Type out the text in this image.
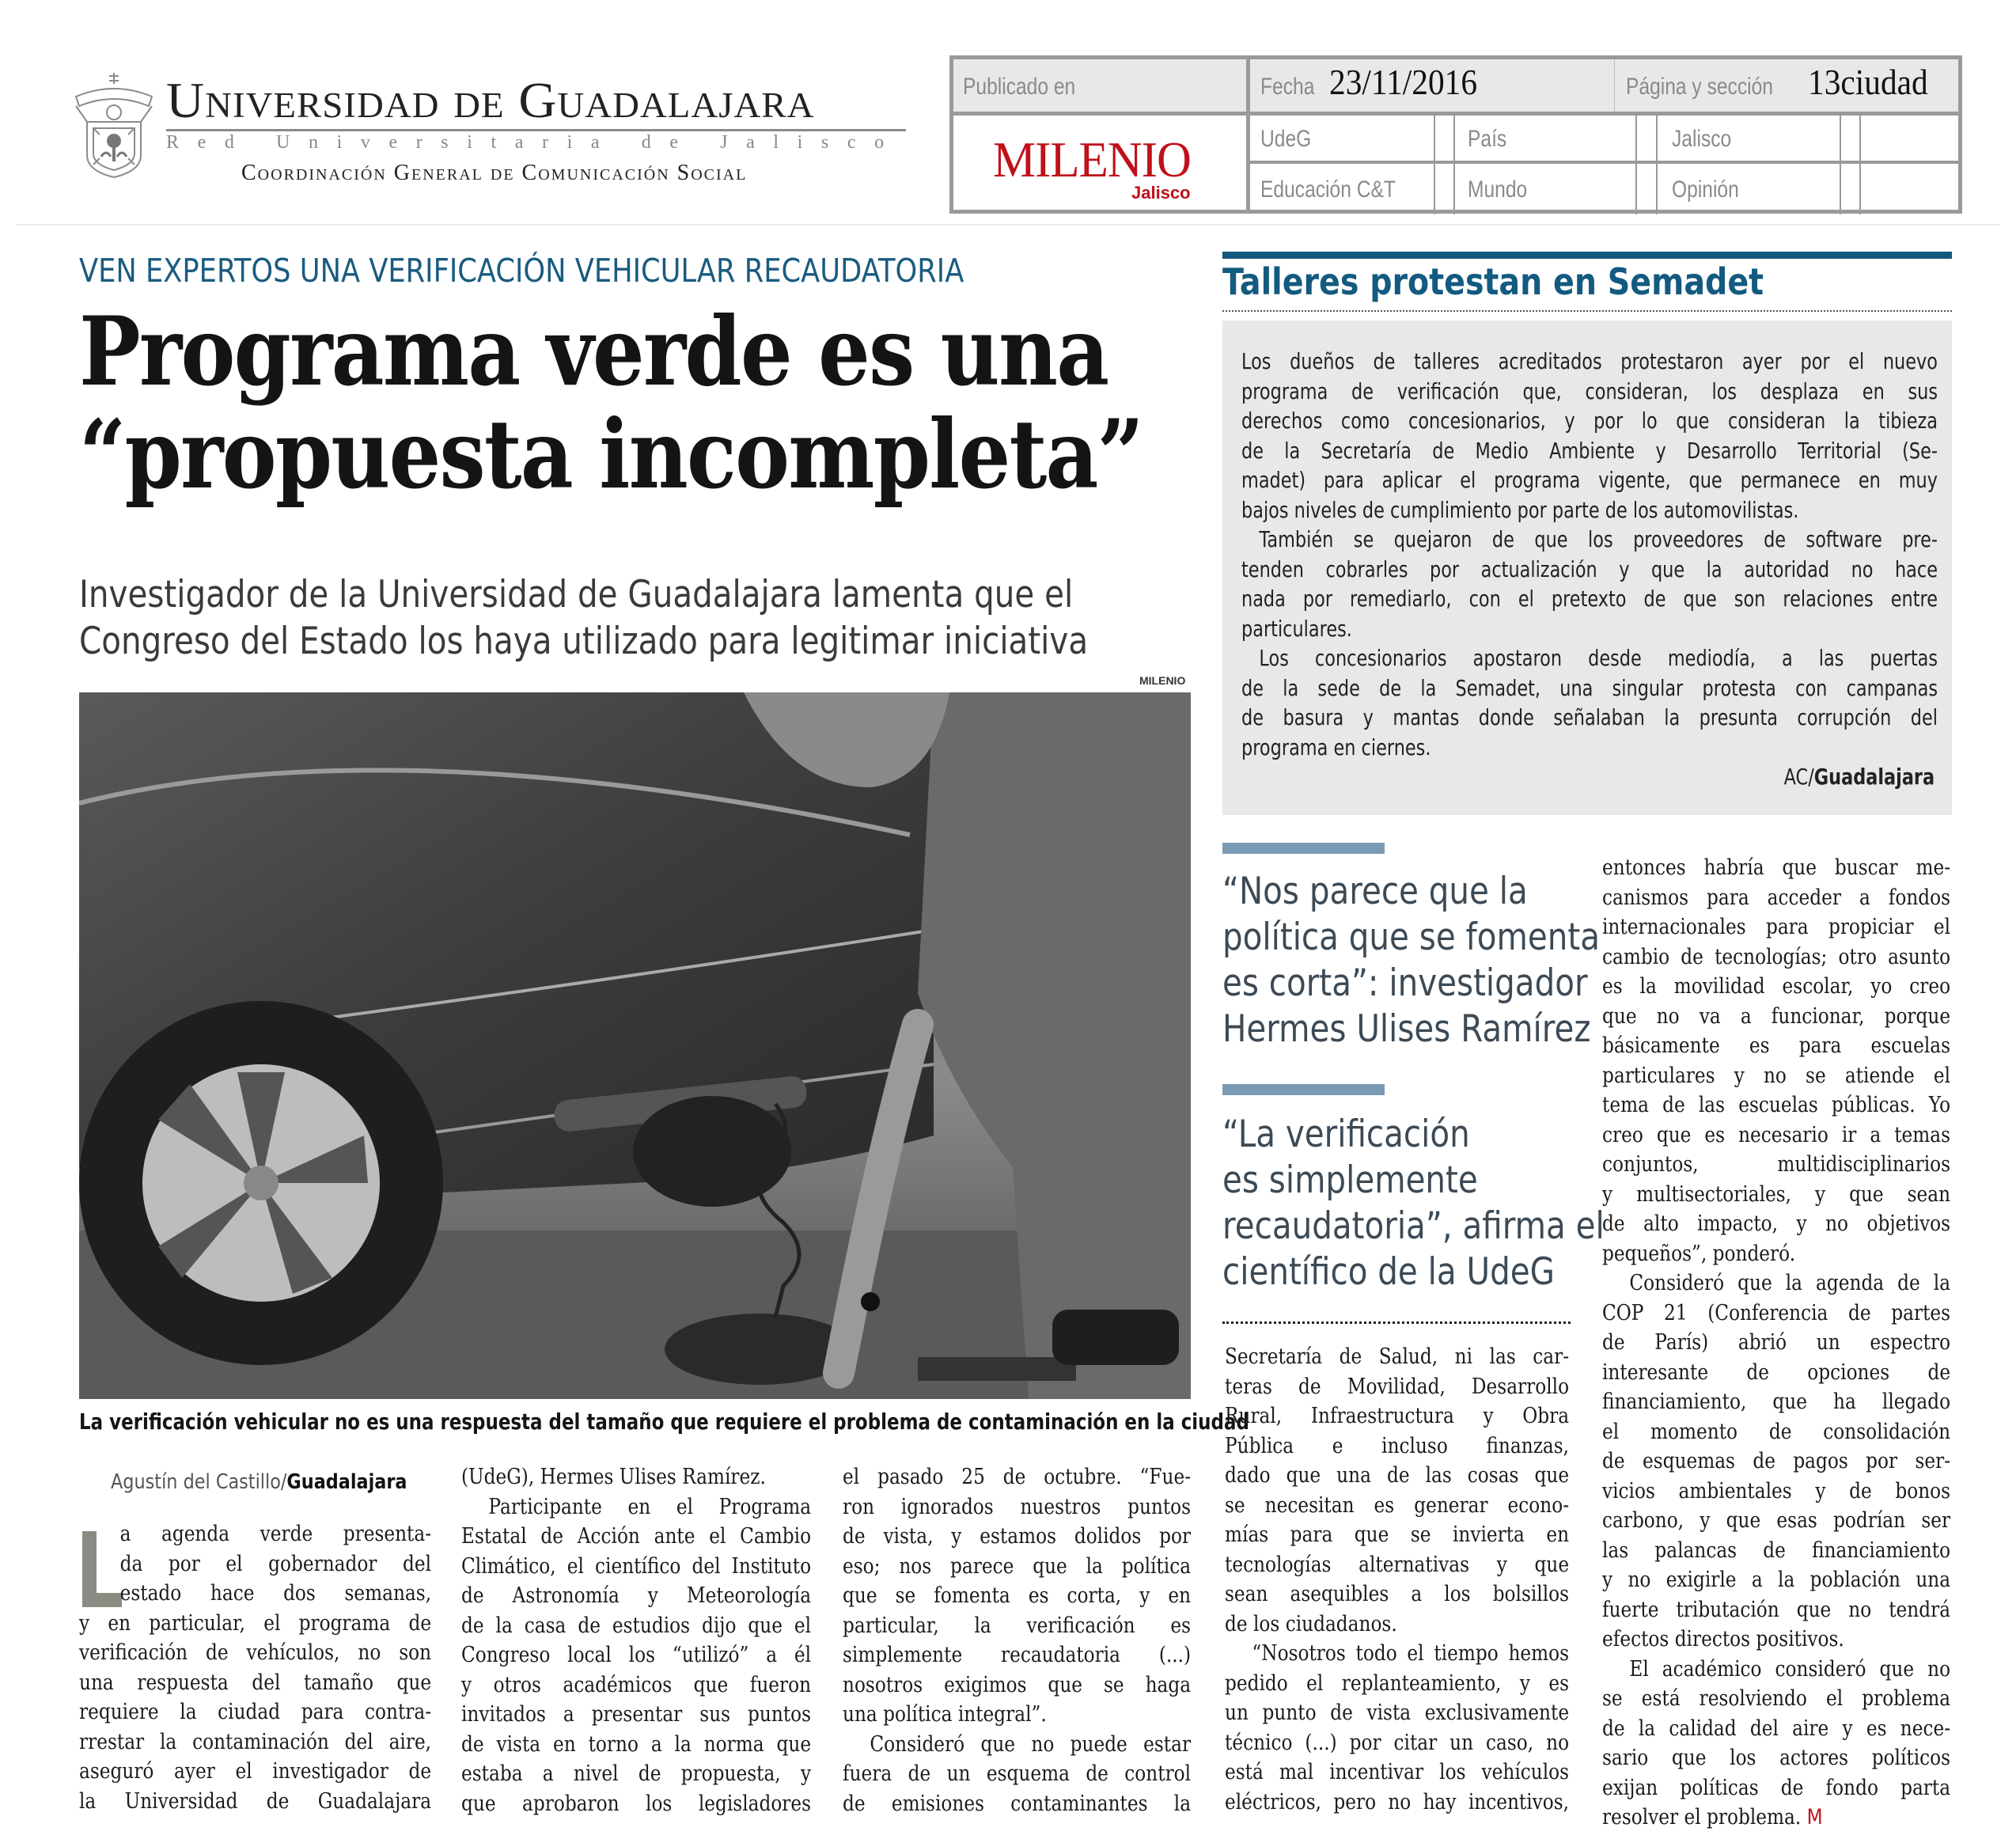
Universidad de Guadalajara
Red Universitaria de Jalisco
Coordinación General de Comunicación Social
Publicado en	Fecha 23/11/2016	Página y sección 13ciudad
MILENIO
Jalisco
UdeG	País	Jalisco
Educación C&T	Mundo	Opinión
VEN EXPERTOS UNA VERIFICACIÓN VEHICULAR RECAUDATORIA
Programa verde es una
“propuesta incompleta”
Investigador de la Universidad de Guadalajara lamenta que el
Congreso del Estado los haya utilizado para legitimar iniciativa
MILENIO
La verificación vehicular no es una respuesta del tamaño que requiere el problema de contaminación en la ciudad
Agustín del Castillo/Guadalajara
a agenda verde presenta-
da por el gobernador del
estado hace dos semanas,
y en particular, el programa de
verificación de vehículos, no son
una respuesta del tamaño que
requiere la ciudad para contra-
rrestar la contaminación del aire,
aseguró ayer el investigador de
la Universidad de Guadalajara
(UdeG), Hermes Ulises Ramírez.
Participante en el Programa
Estatal de Acción ante el Cambio
Climático, el científico del Instituto
de Astronomía y Meteorología
de la casa de estudios dijo que el
Congreso local los “utilizó” a él
y otros académicos que fueron
invitados a presentar sus puntos
de vista en torno a la norma que
estaba a nivel de propuesta, y
que aprobaron los legisladores
el pasado 25 de octubre. “Fue-
ron ignorados nuestros puntos
de vista, y estamos dolidos por
eso; nos parece que la política
que se fomenta es corta, y en
particular, la verificación es
simplemente recaudatoria (...)
nosotros exigimos que se haga
una política integral”.
Consideró que no puede estar
fuera de un esquema de control
de emisiones contaminantes la
Secretaría de Salud, ni las car-
teras de Movilidad, Desarrollo
Rural, Infraestructura y Obra
Pública e incluso finanzas,
dado que una de las cosas que
se necesitan es generar econo-
mías para que se invierta en
tecnologías alternativas y que
sean asequibles a los bolsillos
de los ciudadanos.
“Nosotros todo el tiempo hemos
pedido el replanteamiento, y es
un punto de vista exclusivamente
técnico (...) por citar un caso, no
está mal incentivar los vehículos
eléctricos, pero no hay incentivos,
entonces habría que buscar me-
canismos para acceder a fondos
internacionales para propiciar el
cambio de tecnologías; otro asunto
es la movilidad escolar, yo creo
que no va a funcionar, porque
básicamente es para escuelas
particulares y no se atiende el
tema de las escuelas públicas. Yo
creo que es necesario ir a temas
conjuntos, multidisciplinarios
y multisectoriales, y que sean
de alto impacto, y no objetivos
pequeños”, ponderó.
Consideró que la agenda de la
COP 21 (Conferencia de partes
de París) abrió un espectro
interesante de opciones de
financiamiento, que ha llegado
el momento de consolidación
de esquemas de pagos por ser-
vicios ambientales y de bonos
carbono, y que esas podrían ser
las palancas de financiamiento
y no exigirle a la población una
fuerte tributación que no tendrá
efectos directos positivos.
El académico consideró que no
se está resolviendo el problema
de la calidad del aire y es nece-
sario que los actores políticos
exijan políticas de fondo parta
resolver el problema. M
Talleres protestan en Semadet
Los dueños de talleres acreditados protestaron ayer por el nuevo
programa de verificación que, consideran, los desplaza en sus
derechos como concesionarios, y por lo que consideran la tibieza
de la Secretaría de Medio Ambiente y Desarrollo Territorial (Se-
madet) para aplicar el programa vigente, que permanece en muy
bajos niveles de cumplimiento por parte de los automovilistas.
También se quejaron de que los proveedores de software pre-
tenden cobrarles por actualización y que la autoridad no hace
nada por remediarlo, con el pretexto de que son relaciones entre
particulares.
Los concesionarios apostaron desde mediodía, a las puertas
de la sede de la Semadet, una singular protesta con campanas
de basura y mantas donde señalaban la presunta corrupción del
programa en ciernes.
AC/Guadalajara
“Nos parece que la
política que se fomenta
es corta”: investigador
Hermes Ulises Ramírez
“La verificación
es simplemente
recaudatoria”, afirma el
científico de la UdeG
